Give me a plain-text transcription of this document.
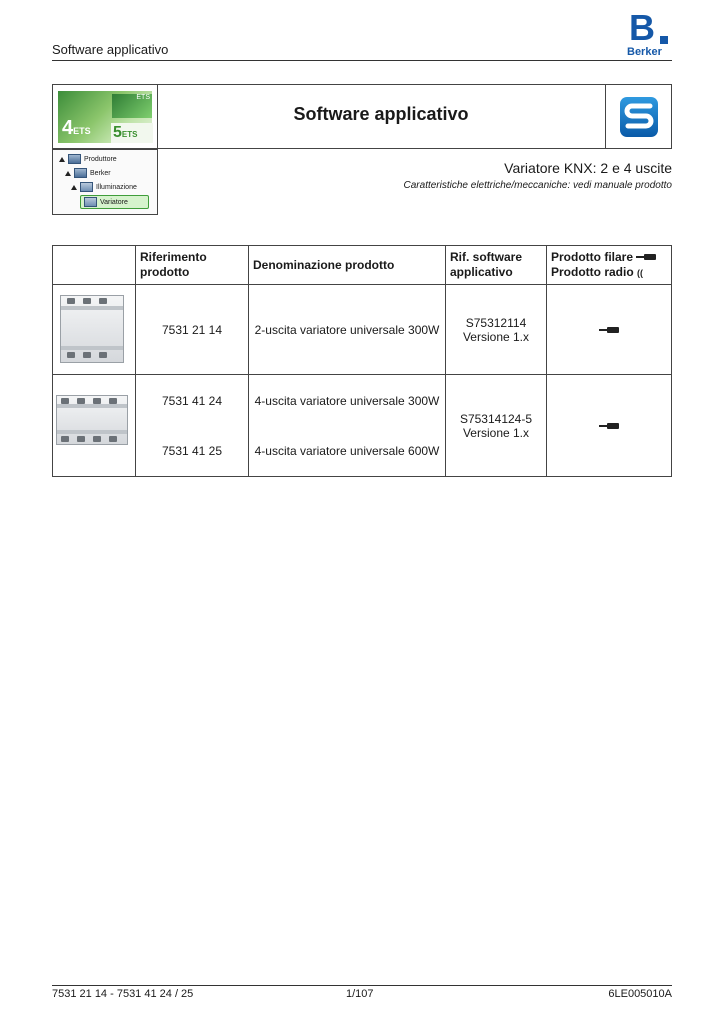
Software applicativo
B
Berker
ETS
4ETS 5ETS
Software applicativo
Produttore
Berker
Illuminazione
Variatore
Variatore KNX: 2 e 4 uscite
Caratteristiche elettriche/meccaniche: vedi manuale prodotto
	Riferimento prodotto	Denominazione prodotto	Rif. software applicativo	Prodotto filare
Prodotto radio ((

	7531 21 14	2-uscita variatore universale 300W	S75312114
Versione 1.x	

	7531 41 24	4-uscita variatore universale 300W	S75314124-5
Versione 1.x	

	7531 41 25	4-uscita variatore universale 600W		
7531 21 14 - 7531 41 24 / 25	1/107	6LE005010A
